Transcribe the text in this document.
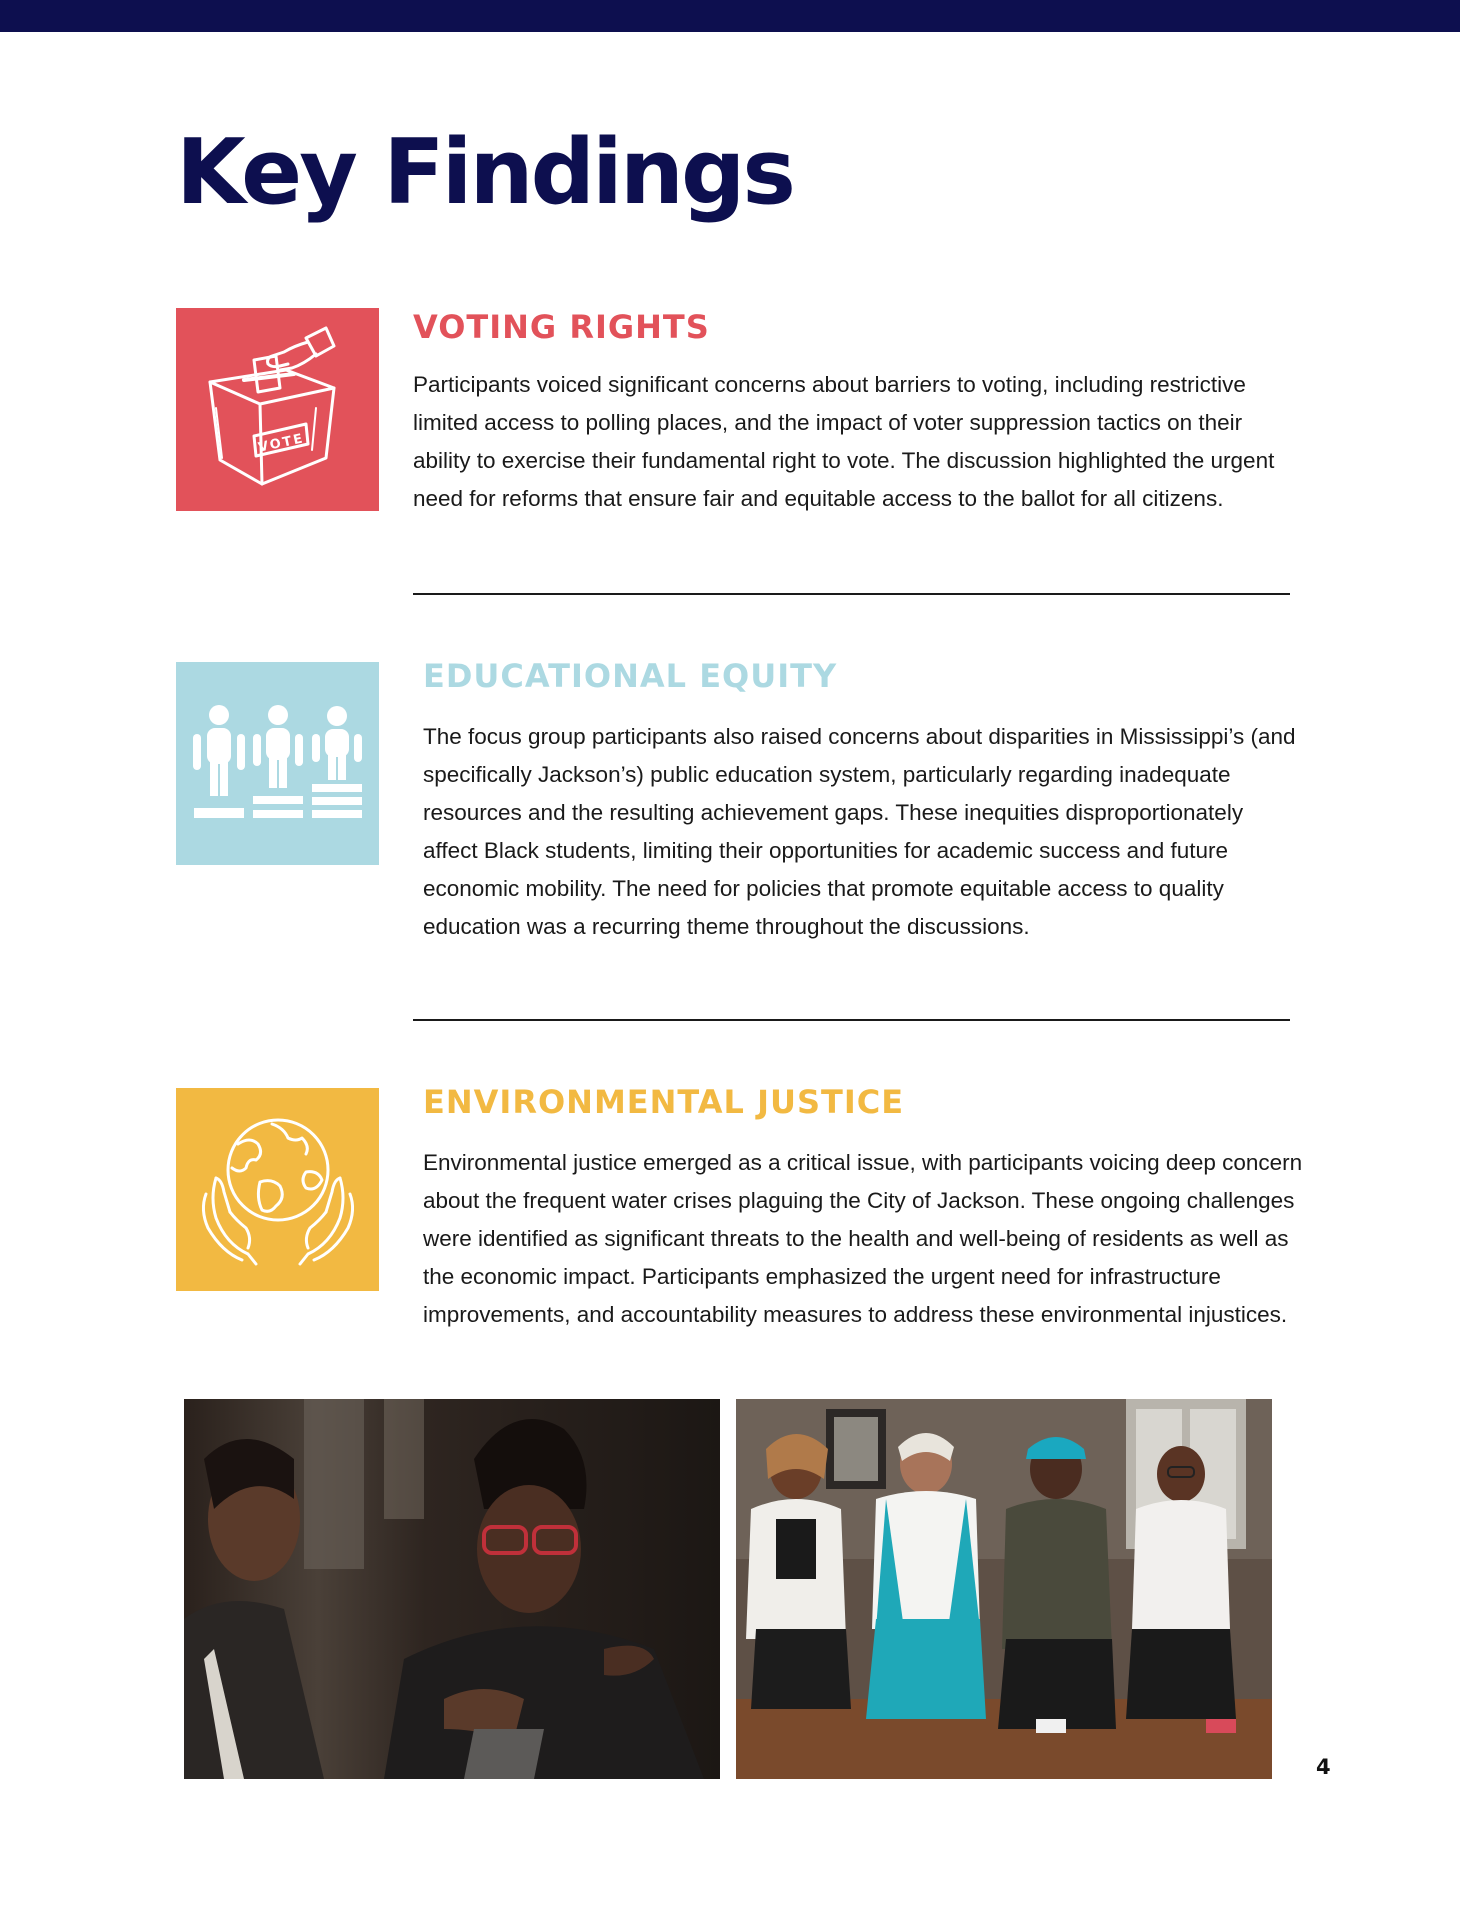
Key Findings
VOTE
VOTING RIGHTS

Participants voiced significant concerns about barriers to voting, including restrictive limited access to polling places, and the impact of voter suppression tactics on their ability to exercise their fundamental right to vote. The discussion highlighted the urgent need for reforms that ensure fair and equitable access to the ballot for all citizens.

EDUCATIONAL EQUITY

The focus group participants also raised concerns about disparities in Mississippi’s (and specifically Jackson’s) public education system, particularly regarding inadequate resources and the resulting achievement gaps. These inequities disproportionately affect Black students, limiting their opportunities for academic success and future economic mobility. The need for policies that promote equitable access to quality education was a recurring theme throughout the discussions.

ENVIRONMENTAL JUSTICE

Environmental justice emerged as a critical issue, with participants voicing deep concern about the frequent water crises plaguing the City of Jackson. These ongoing challenges were identified as significant threats to the health and well-being of residents as well as the economic impact. Participants emphasized the urgent need for infrastructure improvements, and accountability measures to address these environmental injustices.

4
